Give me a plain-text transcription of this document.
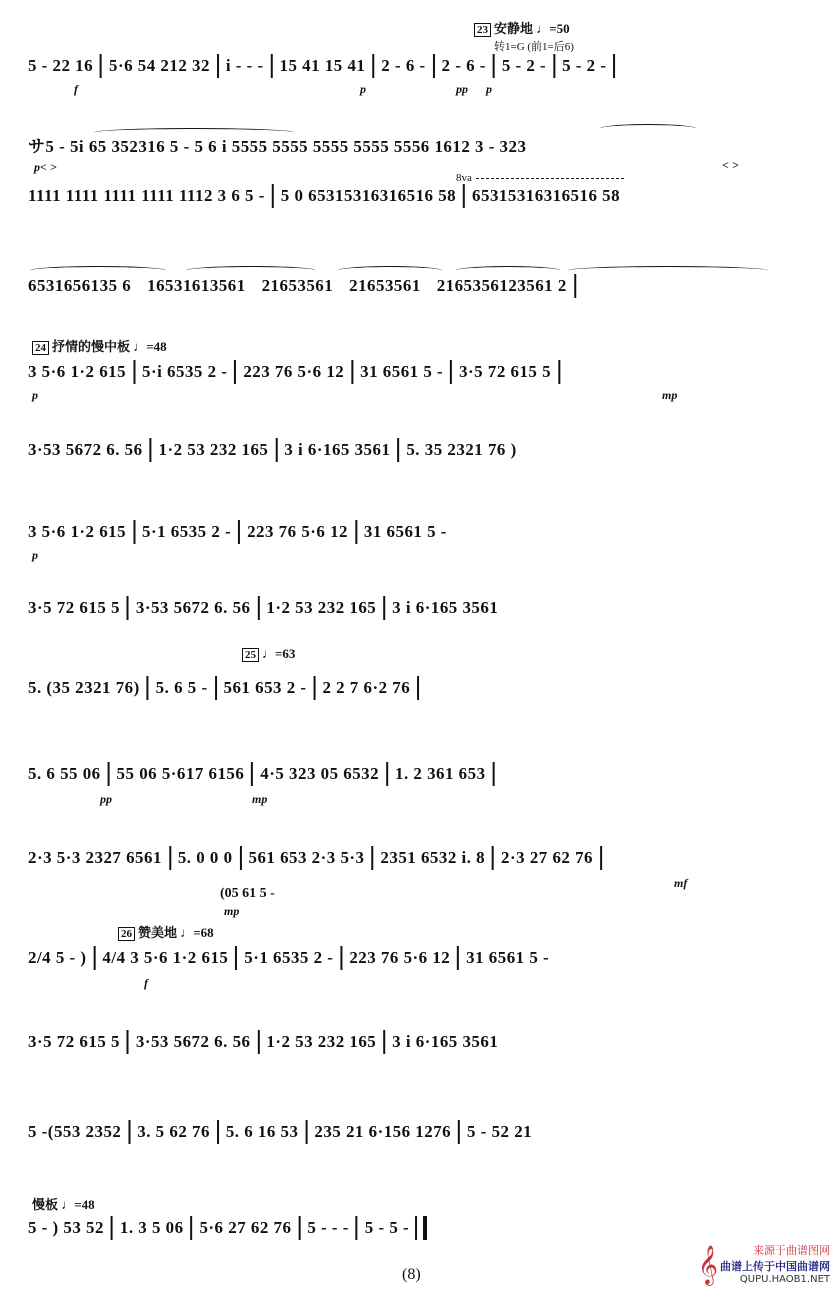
23 安静地 ♩=50
转1=G (前1=后6)
5 - 22 16 5·6 54 212 32 i - - - 15 41 15 41 2 - 6 - 2 - 6 - 5 - 2 - 5 - 2 -
f	p	pp p
サ5 - 5i 65 352316 5 - 5 6 i 5555 5555 5555 5555 5556 1612 3 - 323
p< >	< >
8va
1111 1111 1111 1111 1112 3 6 5 - 5 0 65315316316516 58 65315316316516 58
6531656135 6 16531613561 21653561 21653561 2165356123561 2
24 抒情的慢中板 ♩=48
3 5·6 1·2 615 5·i 6535 2 - 223 76 5·6 12 31 6561 5 - 3·5 72 615 5
p	mp
3·53 5672 6. 56 1·2 53 232 165 3 i 6·165 3561 5. 35 2321 76 )
3 5·6 1·2 615 5·1 6535 2 - 223 76 5·6 12 31 6561 5 -
p
3·5 72 615 5 3·53 5672 6. 56 1·2 53 232 165 3 i 6·165 3561
25 ♩=63
5. (35 2321 76) 5. 6 5 - 561 653 2 - 2 2 7 6·2 76
5. 6 55 06 55 06 5·617 6156 4·5 323 05 6532 1. 2 361 653
pp	mp
2·3 5·3 2327 6561 5. 0 0 0 561 653 2·3 5·3 2351 6532 i. 8 2·3 27 62 76
(05 61 5 -
mp
mf
26 赞美地 ♩=68
2/4 5 - ) 4/4 3 5·6 1·2 615 5·1 6535 2 - 223 76 5·6 12 31 6561 5 -
f
3·5 72 615 5 3·53 5672 6. 56 1·2 53 232 165 3 i 6·165 3561
5 -(553 2352 3. 5 62 76 5. 6 16 53 235 21 6·156 1276 5 - 52 21
慢板 ♩=48
5 - ) 53 52 1. 3 5 06 5·6 27 62 76 5 - - - 5 - 5 -
(8)	𝄞	来源于曲谱图网
曲谱上传于中国曲谱网
QUPU.HAOB1.NET
